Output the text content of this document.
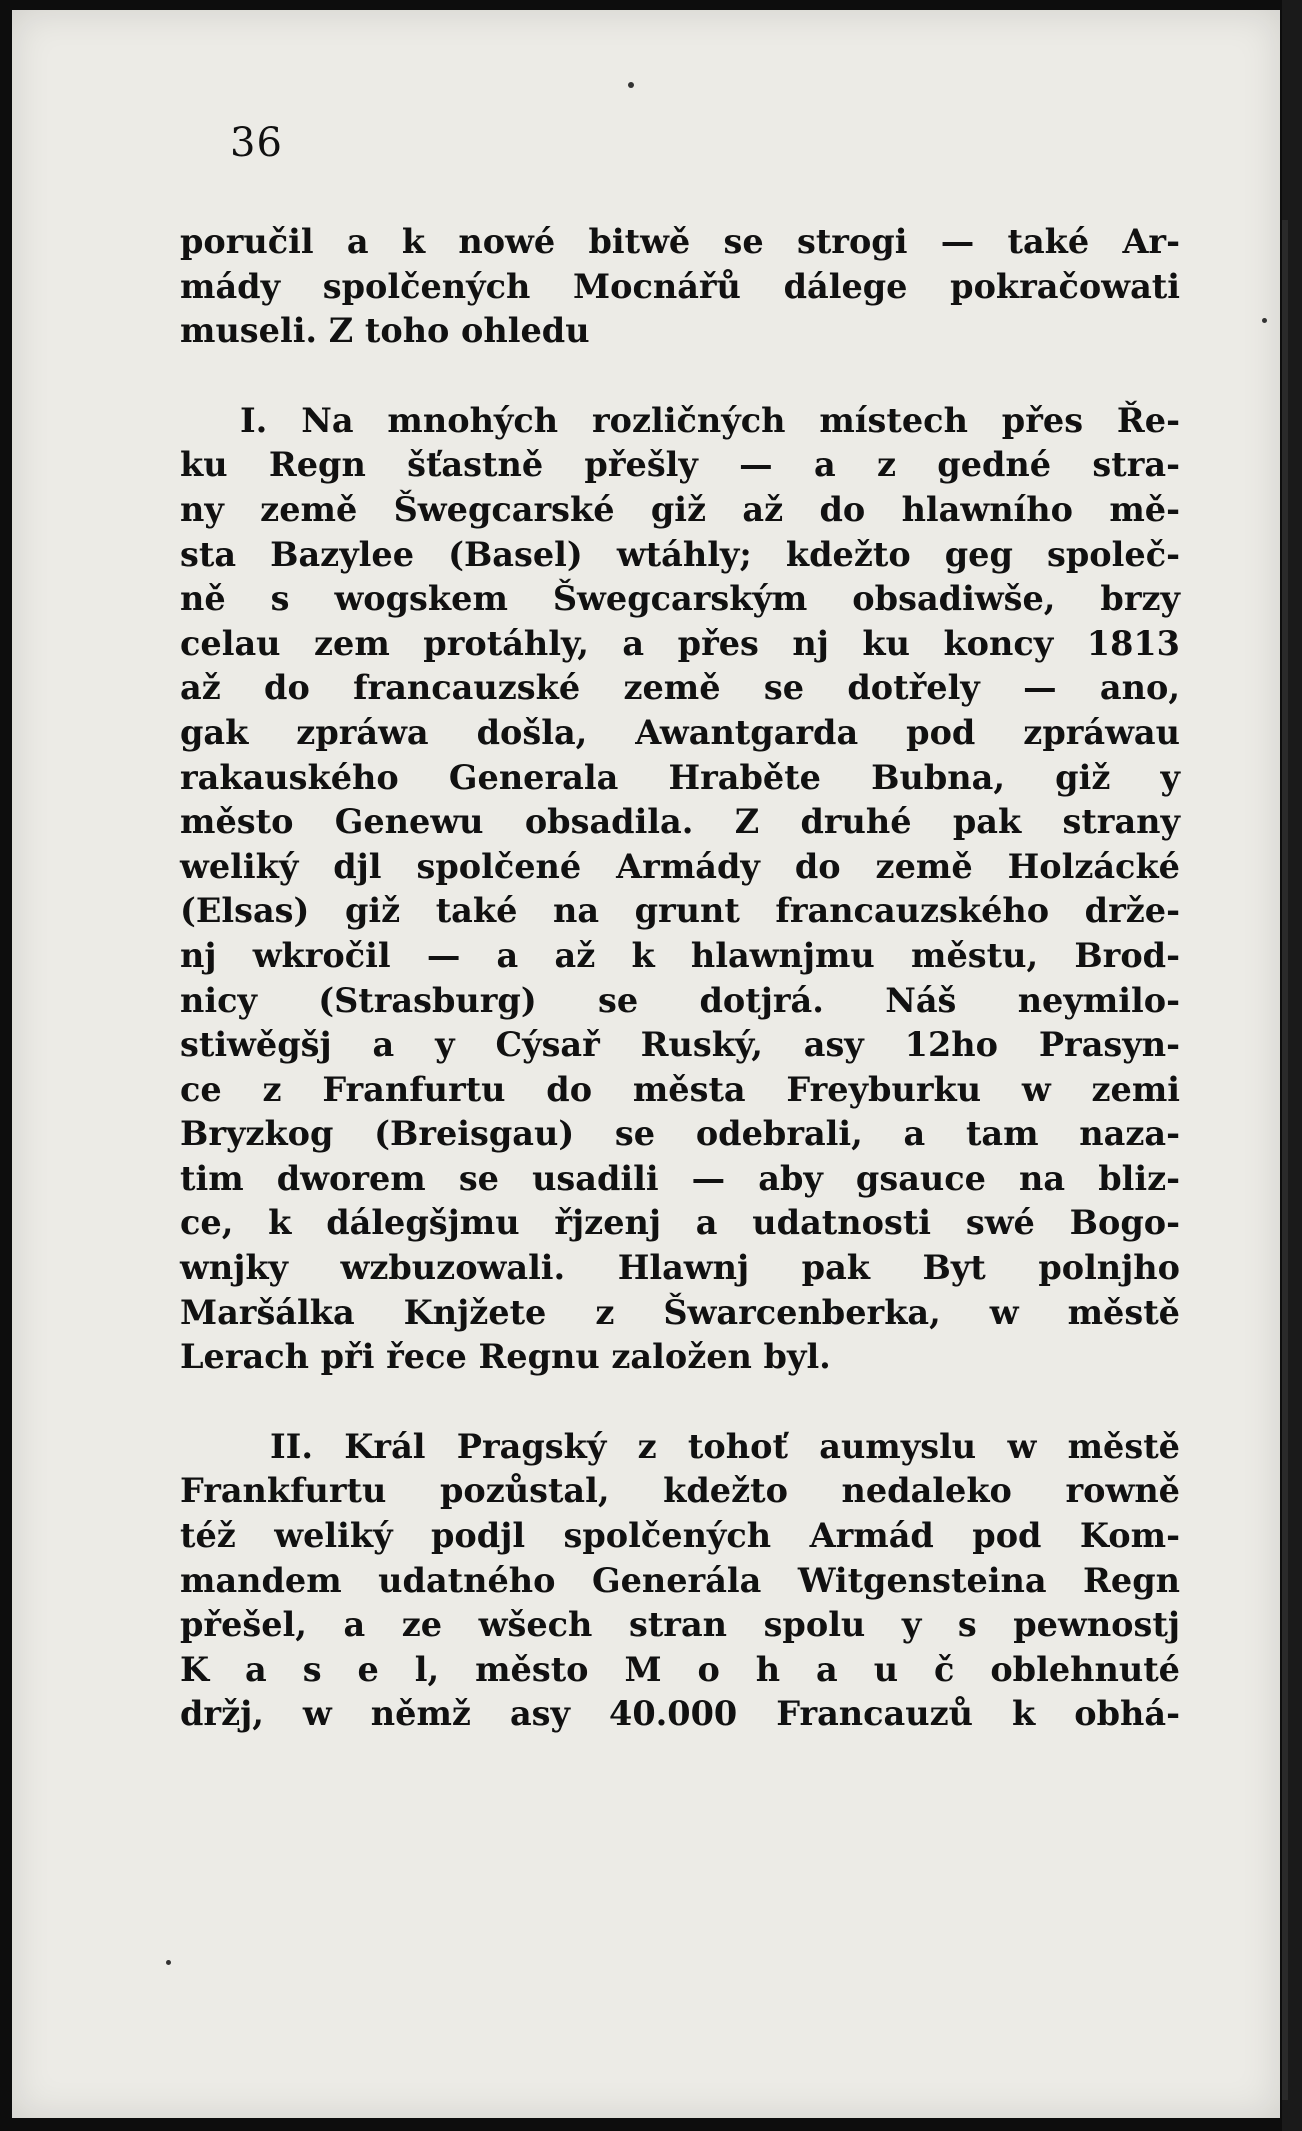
36
poručil a k nowé bitwě se strogi — také Ar-
mády spolčených Mocnářů dálege pokračowati
museli. Z toho ohledu
I. Na mnohých rozličných místech přes Ře-
ku Regn šťastně přešly — a z gedné stra-
ny země Šwegcarské giž až do hlawního mě-
sta Bazylee (Basel) wtáhly; kdežto geg společ-
ně s wogskem Šwegcarským obsadiwše, brzy
celau zem protáhly, a přes nj ku koncy 1813
až do francauzské země se dotřely — ano,
gak zpráwa došla, Awantgarda pod zpráwau
rakauského Generala Hraběte Bubna, giž y
město Genewu obsadila. Z druhé pak strany
weliký djl spolčené Armády do země Holzácké
(Elsas) giž také na grunt francauzského drže-
nj wkročil — a až k hlawnjmu městu, Brod-
nicy (Strasburg) se dotjrá. Náš neymilo-
stiwěgšj a y Cýsař Ruský, asy 12ho Prasyn-
ce z Franfurtu do města Freyburku w zemi
Bryzkog (Breisgau) se odebrali, a tam naza-
tim dworem se usadili — aby gsauce na bliz-
ce, k dálegšjmu řjzenj a udatnosti swé Bogo-
wnjky wzbuzowali. Hlawnj pak Byt polnjho
Maršálka Knjžete z Šwarcenberka, w městě
Lerach při řece Regnu založen byl.
II. Král Pragský z tohoť aumyslu w městě
Frankfurtu pozůstal, kdežto nedaleko rowně
též weliký podjl spolčených Armád pod Kom-
mandem udatného Generála Witgensteina Regn
přešel, a ze wšech stran spolu y s pewnostj
K a s e l, město M o h a u č oblehnuté
držj, w němž asy 40.000 Francauzů k obhá-
